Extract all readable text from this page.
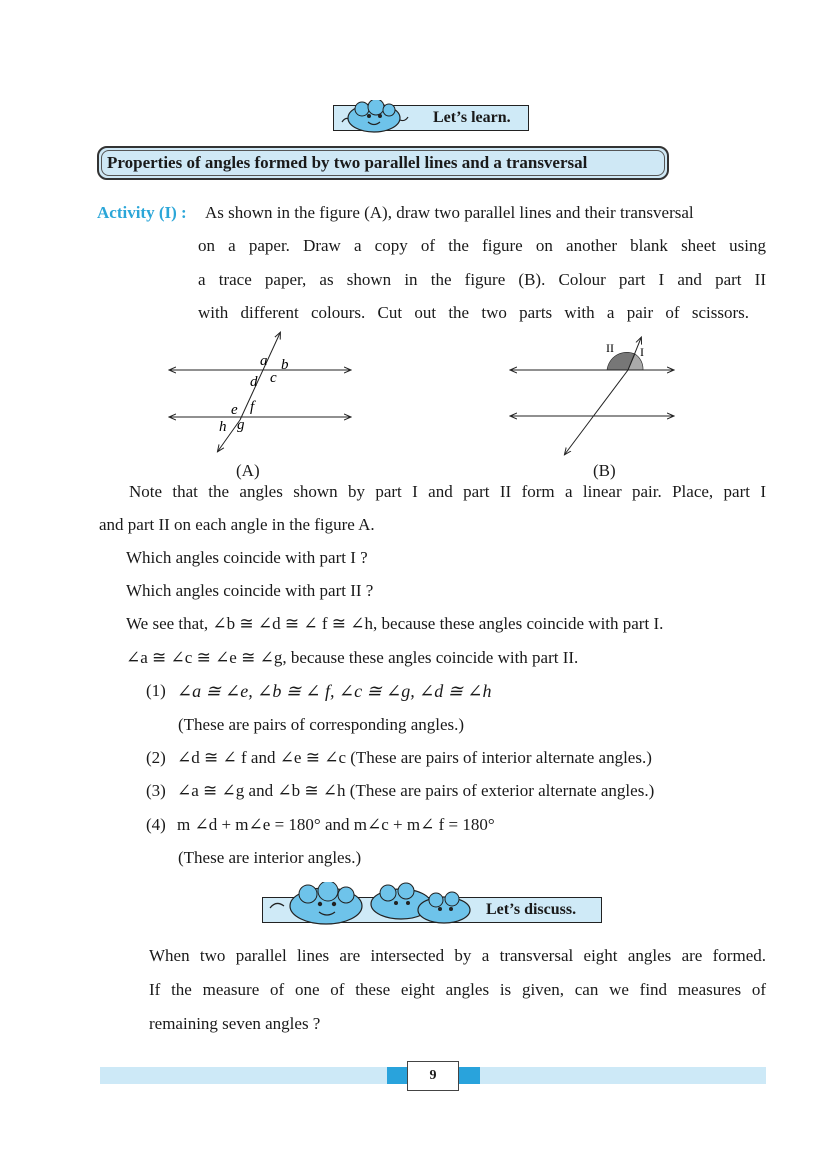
Let’s learn.
Properties of angles formed by two parallel lines and a transversal
Activity (I) : As shown in the figure (A), draw two parallel lines and their transversal
on a paper. Draw a copy of the figure on another blank sheet using
a trace paper, as shown in the figure (B). Colour part I and part II
with different colours. Cut out the two parts with a pair of scissors.
a b
d c
e f
h g
(A)
II I
(B)
Note that the angles shown by part I and part II form a linear pair. Place, part I
and part II on each angle in the figure A.
Which angles coincide with part I ?
Which angles coincide with part II ?
We see that, ∠b ≅ ∠d ≅ ∠ f ≅ ∠h, because these angles coincide with part I.
∠a ≅ ∠c ≅ ∠e ≅ ∠g, because these angles coincide with part II.
(1) ∠a ≅ ∠e, ∠b ≅ ∠ f, ∠c ≅ ∠g, ∠d ≅ ∠h
(These are pairs of corresponding angles.)
(2) ∠d ≅ ∠ f and ∠e ≅ ∠c (These are pairs of interior alternate angles.)
(3) ∠a ≅ ∠g and ∠b ≅ ∠h (These are pairs of exterior alternate angles.)
(4) m ∠d + m∠e = 180° and m∠c + m∠ f = 180°
(These are interior angles.)
Let’s discuss.
When two parallel lines are intersected by a transversal eight angles are formed.
If the measure of one of these eight angles is given, can we find measures of
remaining seven angles ?
9
